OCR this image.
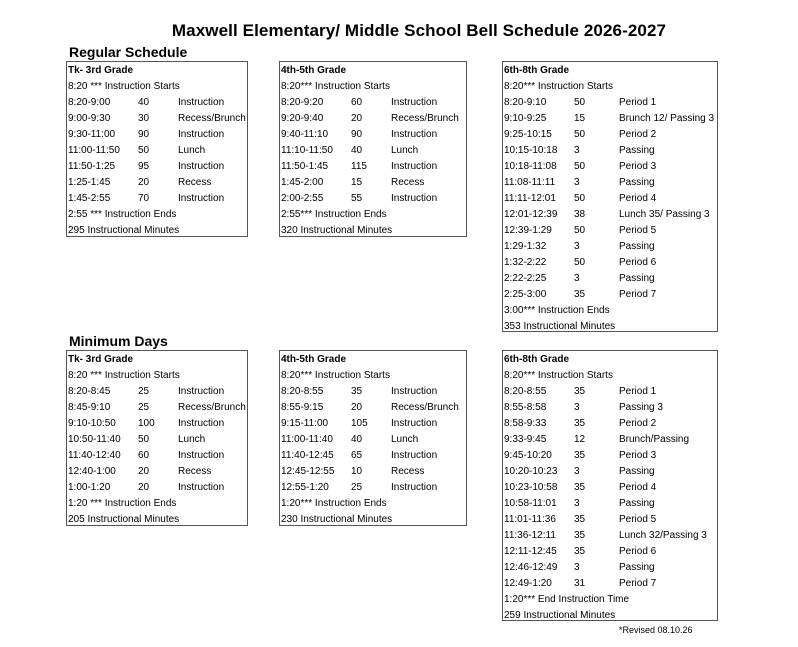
Maxwell Elementary/ Middle School Bell Schedule 2026-2027
Regular Schedule
Minimum Days
Tk- 3rd Grade
8:20 *** Instruction Starts
8:20-9:00	40	Instruction
9:00-9:30	30	Recess/Brunch
9:30-11:00 90	Instruction
11:00-11:50 50	Lunch
11:50-1:25 95	Instruction
1:25-1:45	20	Recess
1:45-2:55	70	Instruction
2:55 *** Instruction Ends
295 Instructional Minutes
4th-5th Grade
8:20*** Instruction Starts
8:20-9:20	60	Instruction
9:20-9:40	20	Recess/Brunch
9:40-11:10 90	Instruction
11:10-11:50 40	Lunch
11:50-1:45 115 Instruction
1:45-2:00	15	Recess
2:00-2:55	55	Instruction
2:55*** Instruction Ends
320 Instructional Minutes
6th-8th Grade
8:20*** Instruction Starts
8:20-9:10	50	Period 1
9:10-9:25	15	Brunch 12/ Passing 3
9:25-10:15 50	Period 2
10:15-10:18 3	Passing
10:18-11:08 50	Period 3
11:08-11:11 3	Passing
11:11-12:01 50	Period 4
12:01-12:39 38	Lunch 35/ Passing 3
12:39-1:29 50	Period 5
1:29-1:32	3	Passing
1:32-2:22	50	Period 6
2:22-2:25	3	Passing
2:25-3:00	35	Period 7
3:00*** Instruction Ends
353 Instructional Minutes
Tk- 3rd Grade
8:20 *** Instruction Starts
8:20-8:45	25	Instruction
8:45-9:10	25	Recess/Brunch
9:10-10:50 100 Instruction
10:50-11:40 50	Lunch
11:40-12:40 60	Instruction
12:40-1:00 20	Recess
1:00-1:20	20	Instruction
1:20 *** Instruction Ends
205 Instructional Minutes
4th-5th Grade
8:20*** Instruction Starts
8:20-8:55	35	Instruction
8:55-9:15	20	Recess/Brunch
9:15-11:00 105 Instruction
11:00-11:40 40	Lunch
11:40-12:45 65	Instruction
12:45-12:55 10	Recess
12:55-1:20 25	Instruction
1:20*** Instruction Ends
230 Instructional Minutes
6th-8th Grade
8:20*** Instruction Starts
8:20-8:55	35	Period 1
8:55-8:58	3	Passing 3
8:58-9:33	35	Period 2
9:33-9:45	12	Brunch/Passing
9:45-10:20 35	Period 3
10:20-10:23 3	Passing
10:23-10:58 35	Period 4
10:58-11:01 3	Passing
11:01-11:36 35	Period 5
11:36-12:11 35	Lunch 32/Passing 3
12:11-12:45 35	Period 6
12:46-12:49 3	Passing
12:49-1:20 31	Period 7
1:20*** End Instruction Time
259 Instructional Minutes
*Revised 08.10.26
